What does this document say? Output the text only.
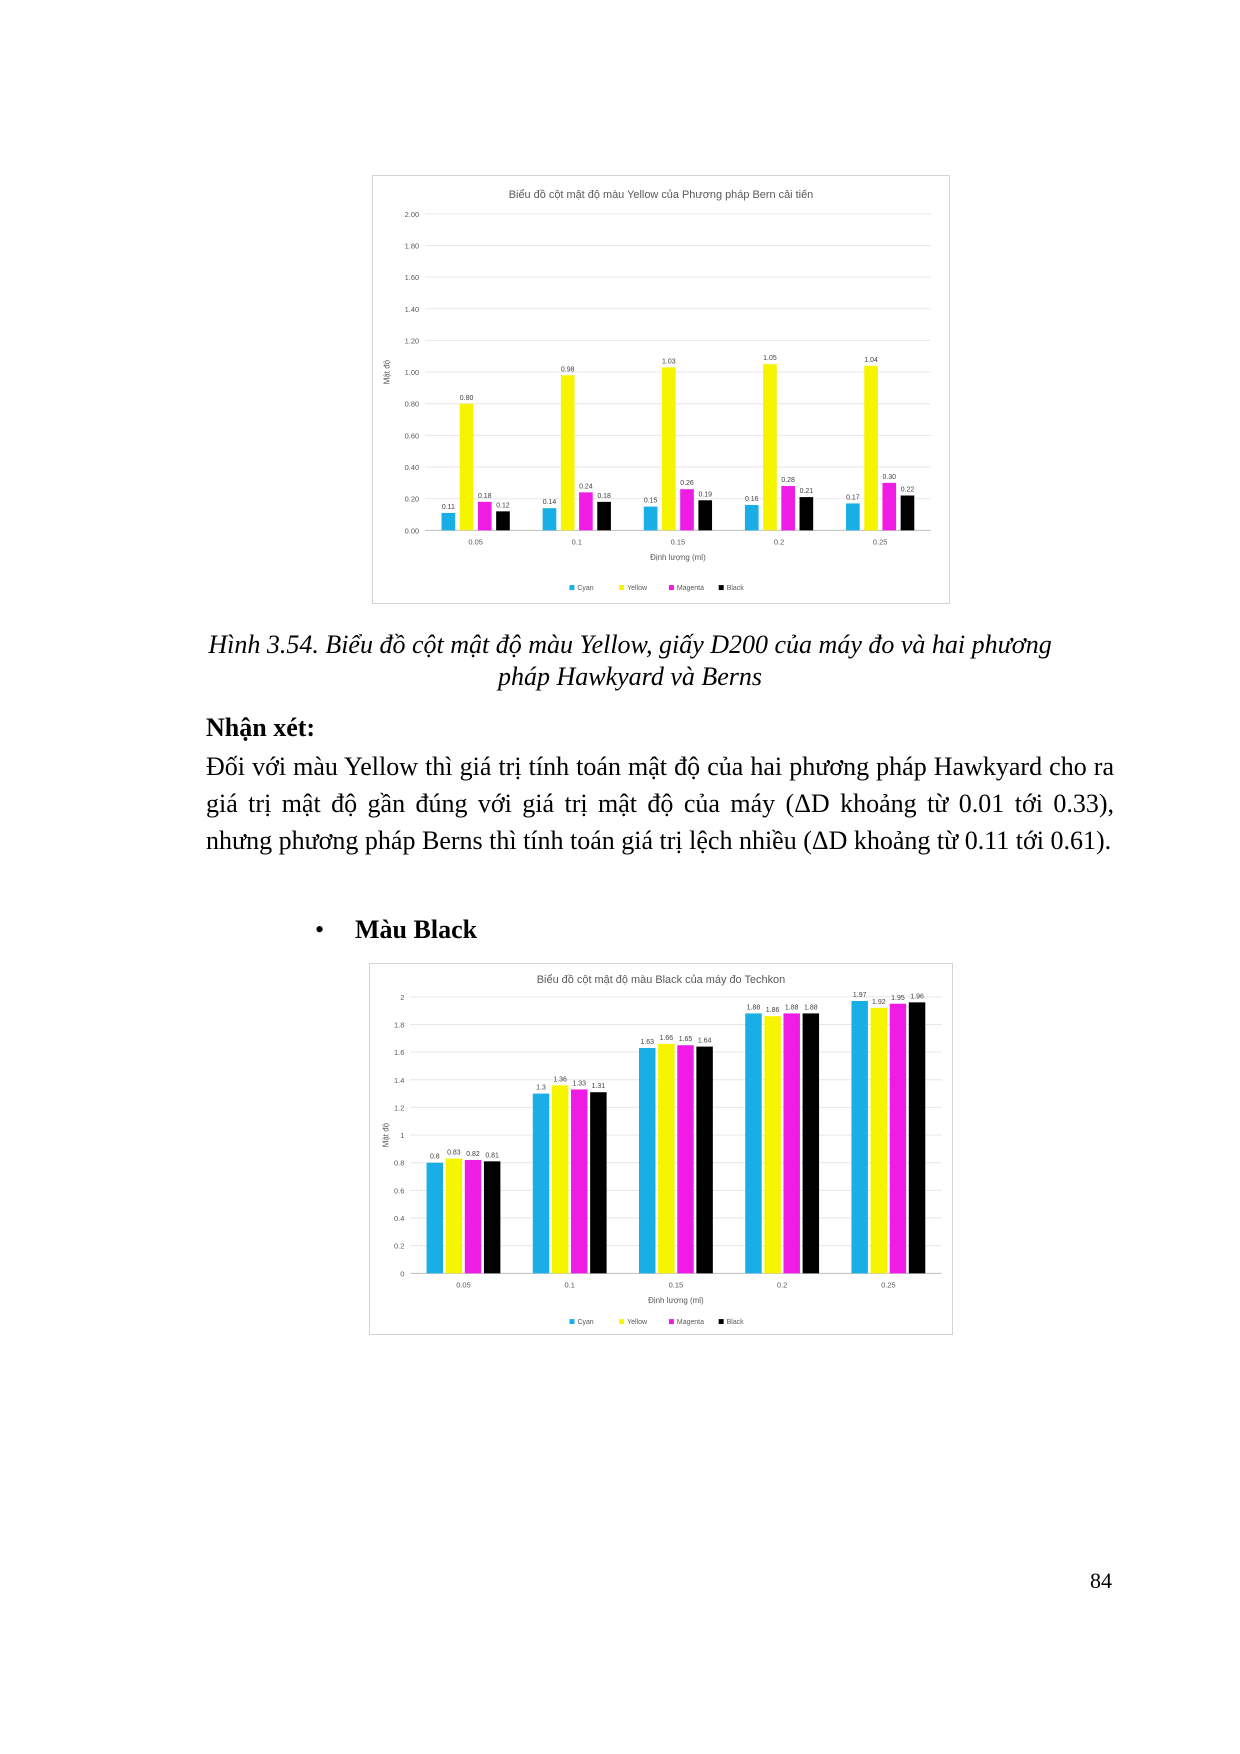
Biểu đồ cột mật độ màu Yellow của Phương pháp Bern cải tiến
0.00
0.20
0.40
0.60
0.80
1.00
1.20
1.40
1.60
1.80
2.00
Mật độ
0.11
0.80
0.18
0.12
0.05
0.14
0.98
0.24
0.18
0.1
0.15
1.03
0.26
0.19
0.15
0.16
1.05
0.28
0.21
0.2
0.17
1.04
0.30
0.22
0.25
Định lượng (ml)
Cyan	Yellow	Magenta	Black
Hình 3.54. Biểu đồ cột mật độ màu Yellow, giấy D200 của máy đo và hai phương pháp Hawkyard và Berns
Nhận xét:
Đối với màu Yellow thì giá trị tính toán mật độ của hai phương pháp Hawkyard cho ra giá trị mật độ gần đúng với giá trị mật độ của máy (ΔD khoảng từ 0.01 tới 0.33), nhưng phương pháp Berns thì tính toán giá trị lệch nhiều (ΔD khoảng từ 0.11 tới 0.61).
• Màu Black
Biểu đồ cột mật độ màu Black của máy đo Techkon
0
0.2
0.4
0.6
0.8
1
1.2
1.4
1.6
1.8
2
Mật độ
0.8
0.83 0.82 0.81
0.05
1.3
1.36
1.33 1.31
0.1
1.63
1.66 1.65 1.64
0.15
1.88 1.86 1.88 1.88
0.2
1.97
1.92
1.95 1.96
0.25
Định lượng (ml)
Cyan	Yellow	Magenta	Black
84
